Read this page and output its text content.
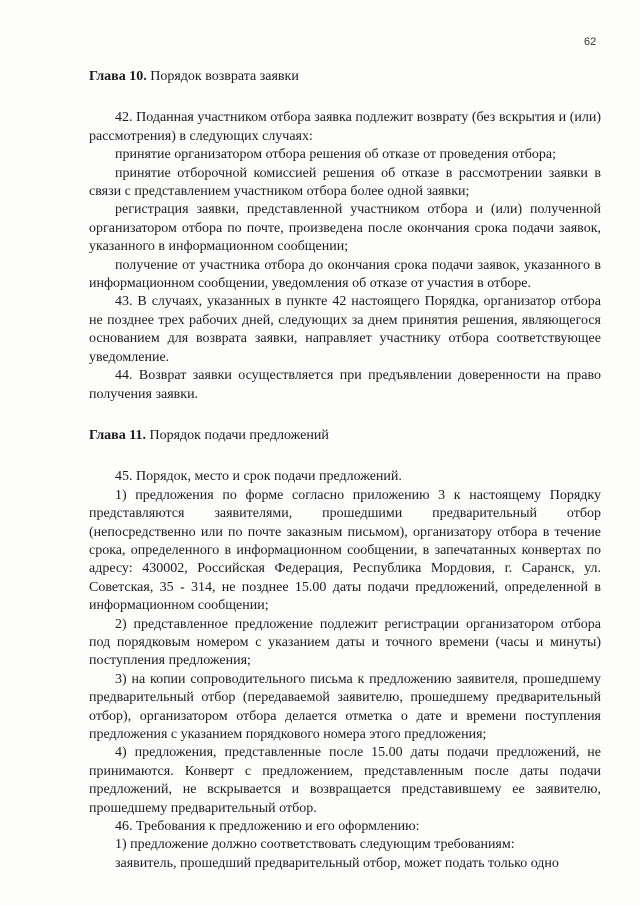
62
Глава 10. Порядок возврата заявки

42. Поданная участником отбора заявка подлежит возврату (без вскрытия и (или) рассмотрения) в следующих случаях:

принятие организатором отбора решения об отказе от проведения отбора;

принятие отборочной комиссией решения об отказе в рассмотрении заявки в связи с представлением участником отбора более одной заявки;

регистрация заявки, представленной участником отбора и (или) полученной организатором отбора по почте, произведена после окончания срока подачи заявок, указанного в информационном сообщении;

получение от участника отбора до окончания срока подачи заявок, указанного в информационном сообщении, уведомления об отказе от участия в отборе.

43. В случаях, указанных в пункте 42 настоящего Порядка, организатор отбора не позднее трех рабочих дней, следующих за днем принятия решения, являющегося основанием для возврата заявки, направляет участнику отбора соответствующее уведомление.

44. Возврат заявки осуществляется при предъявлении доверенности на право получения заявки.

Глава 11. Порядок подачи предложений

45. Порядок, место и срок подачи предложений.

1) предложения по форме согласно приложению 3 к настоящему Порядку представляются заявителями, прошедшими предварительный отбор (непосредственно или по почте заказным письмом), организатору отбора в течение срока, определенного в информационном сообщении, в запечатанных конвертах по адресу: 430002, Российская Федерация, Республика Мордовия, г. Саранск, ул. Советская, 35 - 314, не позднее 15.00 даты подачи предложений, определенной в информационном сообщении;

2) представленное предложение подлежит регистрации организатором отбора под порядковым номером с указанием даты и точного времени (часы и минуты) поступления предложения;

3) на копии сопроводительного письма к предложению заявителя, прошедшему предварительный отбор (передаваемой заявителю, прошедшему предварительный отбор), организатором отбора делается отметка о дате и времени поступления предложения с указанием порядкового номера этого предложения;

4) предложения, представленные после 15.00 даты подачи предложений, не принимаются. Конверт с предложением, представленным после даты подачи предложений, не вскрывается и возвращается представившему ее заявителю, прошедшему предварительный отбор.

46. Требования к предложению и его оформлению:

1) предложение должно соответствовать следующим требованиям:

заявитель, прошедший предварительный отбор, может подать только одно
